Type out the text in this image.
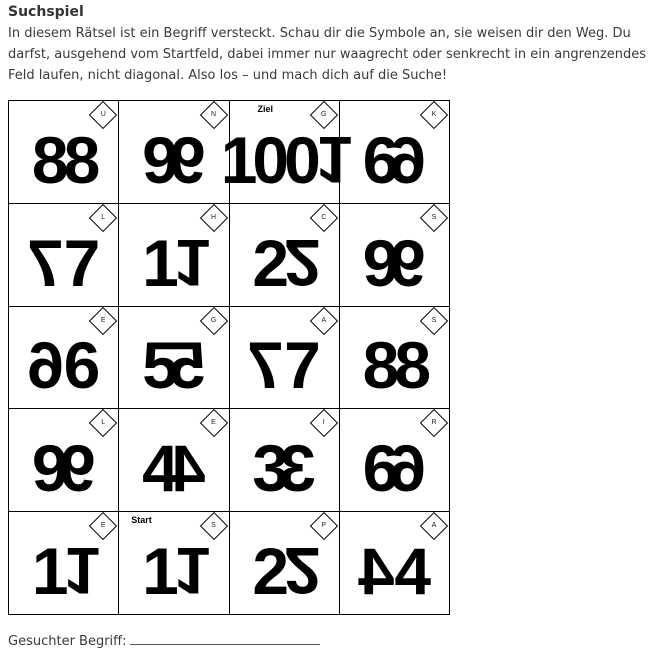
Suchspiel
In diesem Rätsel ist ein Begriff versteckt. Schau dir die Symbole an, sie weisen dir den Weg. Du darfst, ausgehend vom Startfeld, dabei immer nur waagrecht oder senkrecht in ein angrenzendes Feld laufen, nicht diagonal. Also los – und mach dich auf die Suche!
U
8 8
N
9 9
Ziel
G
1 0 0 1
K
6 6
L
7 7
H
1 1
C
2 2
S
9 9
E
6 6
G
5 5
A
7 7
S
8 8
L
9 9
E
4 4
I
3 3
R
6 6
E
1 1
Start
S
1 1
P
2 2
A
4 4
Gesuchter Begriff:
